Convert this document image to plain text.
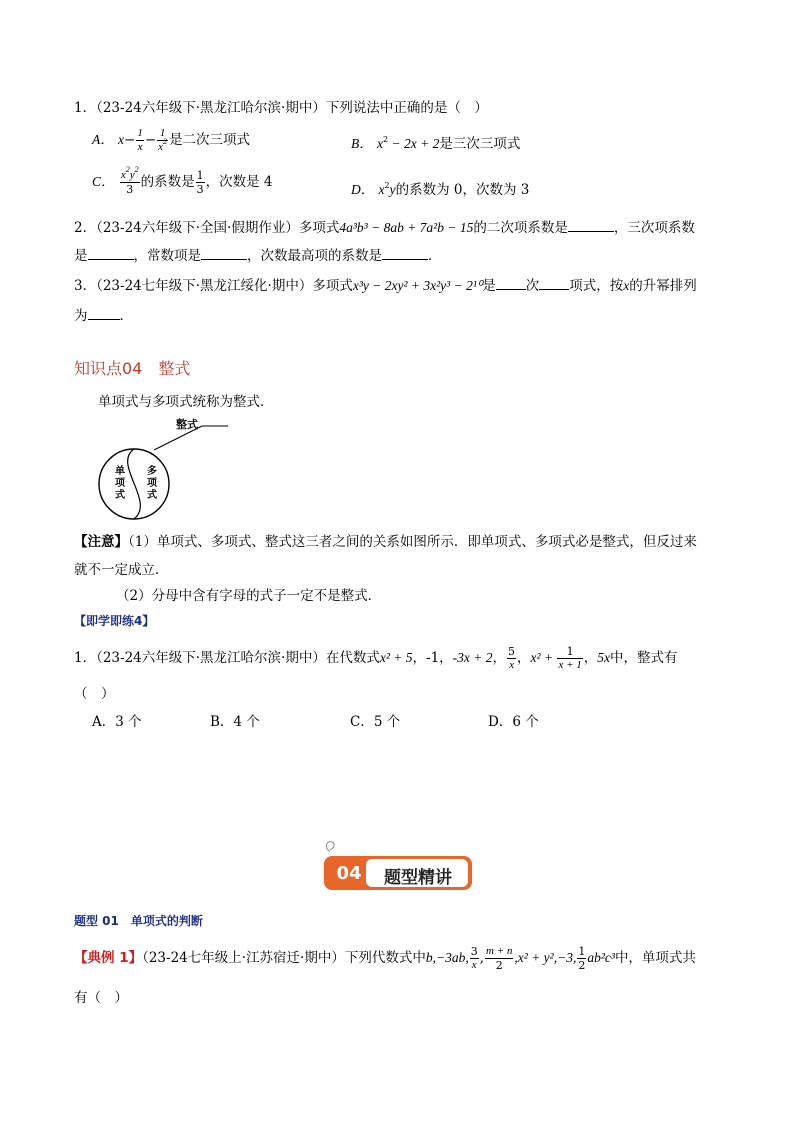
1．（23-24六年级下·黑龙江哈尔滨·期中）下列说法中正确的是（　）
A． $x- \frac{1}{x} - \frac{1}{x^2}$ 是二次三项式	B． $x^2 - 2x + 2$是三次三项式
C． $\frac{x^2y^2}{3}$ 的系数是 $\frac{1}{3}$ ，次数是 4	D． $x^2y$的系数为 0，次数为 3
2．（23-24六年级下·全国·假期作业）多项式4a³b³ − 8ab + 7a²b − 15的二次项系数是	，三次项系数
是	，常数项是	，次数最高项的系数是	．
3．（23-24七年级下·黑龙江绥化·期中）多项式x³y − 2xy² + 3x²y³ − 2¹⁰是 次 项式，按x的升幂排列
为 ．
知识点04　整式
单项式与多项式统称为整式．
整式
单
项
式
多
项
式
【注意】（1）单项式、多项式、整式这三者之间的关系如图所示．即单项式、多项式必是整式，但反过来
就不一定成立．
（2）分母中含有字母的式子一定不是整式．
【即学即练4】
1．（23-24六年级下·黑龙江哈尔滨·期中）在代数式x² + 5，-1，-3x + 2， $\frac{5}{x}$ ，$x^2 + \frac{1}{x + 1}$ ，5x中，整式有
（　）
A．3 个	B．4 个	C．5 个	D．6 个
04	题型精讲
题型 01　单项式的判断
【典例 1】（23-24七年级上·江苏宿迁·期中）下列代数式中b,−3ab, $\frac{3}{x}$ , $\frac{m + n}{2} ,x^2 + y^2,-3$, $\frac{1}{2} ab^2c^3$中，单项式共
有（　）
